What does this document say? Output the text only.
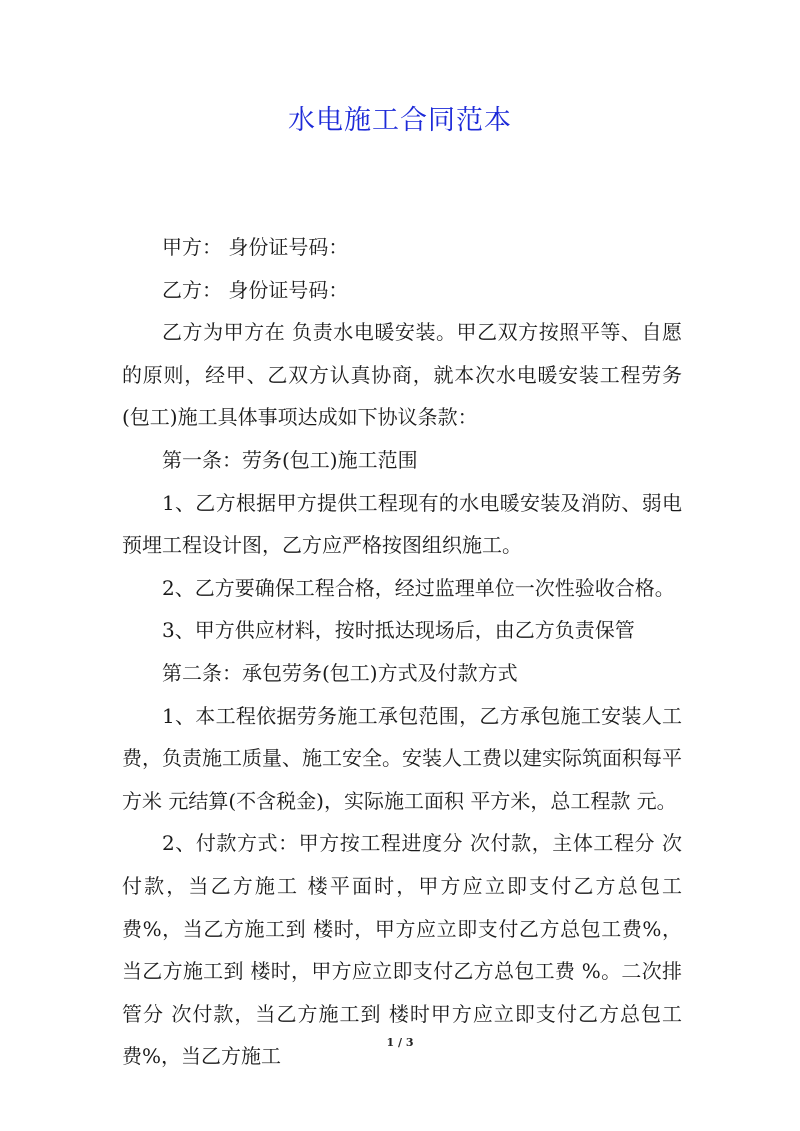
水电施工合同范本

甲方： 身份证号码：

乙方： 身份证号码：

乙方为甲方在 负责水电暖安装。甲乙双方按照平等、自愿的原则，经甲、乙双方认真协商，就本次水电暖安装工程劳务(包工)施工具体事项达成如下协议条款：

第一条：劳务(包工)施工范围

1、乙方根据甲方提供工程现有的水电暖安装及消防、弱电预埋工程设计图，乙方应严格按图组织施工。

2、乙方要确保工程合格，经过监理单位一次性验收合格。

3、甲方供应材料，按时抵达现场后，由乙方负责保管

第二条：承包劳务(包工)方式及付款方式

1、本工程依据劳务施工承包范围，乙方承包施工安装人工费，负责施工质量、施工安全。安装人工费以建实际筑面积每平方米 元结算(不含税金)，实际施工面积 平方米，总工程款 元。

2、付款方式：甲方按工程进度分 次付款，主体工程分 次付款，当乙方施工 楼平面时，甲方应立即支付乙方总包工费%，当乙方施工到 楼时，甲方应立即支付乙方总包工费%，当乙方施工到 楼时，甲方应立即支付乙方总包工费 %。二次排管分 次付款，当乙方施工到 楼时甲方应立即支付乙方总包工费%，当乙方施工

1 / 3
